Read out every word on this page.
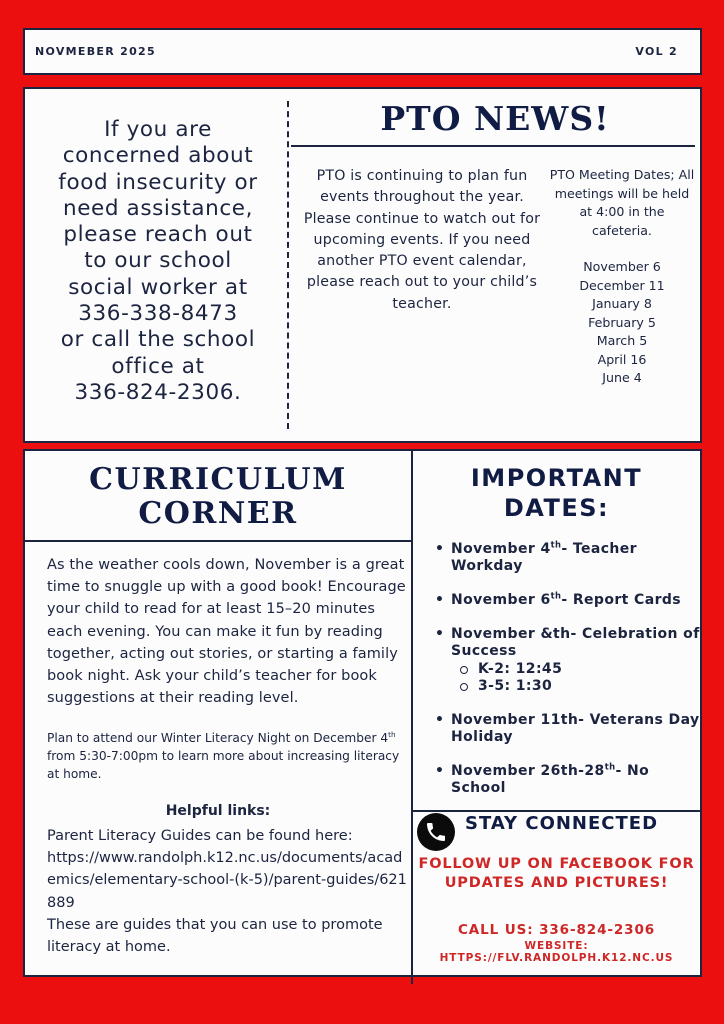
NOVMEBER 2025	VOL 2
If you are
concerned about
food insecurity or
need assistance,
please reach out
to our school
social worker at
336-338-8473
or call the school
office at
336-824-2306.
PTO NEWS!
PTO is continuing to plan fun events throughout the year. Please continue to watch out for upcoming events. If you need another PTO event calendar, please reach out to your child’s teacher.
PTO Meeting Dates; All meetings will be held at 4:00 in the cafeteria.
November 6
December 11
January 8
February 5
March 5
April 16
June 4
CURRICULUM
CORNER
As the weather cools down, November is a great time to snuggle up with a good book! Encourage your child to read for at least 15–20 minutes each evening. You can make it fun by reading together, acting out stories, or starting a family book night. Ask your child’s teacher for book suggestions at their reading level.
Plan to attend our Winter Literacy Night on December 4th from 5:30-7:00pm to learn more about increasing literacy at home.
Helpful links:
Parent Literacy Guides can be found here:
https://www.randolph.k12.nc.us/documents/academics/elementary-school-(k-5)/parent-guides/621889
These are guides that you can use to promote literacy at home.
IMPORTANT
DATES:
• November 4th- Teacher Workday
• November 6th- Report Cards
• November &th- Celebration of Success
K-2: 12:45
3-5: 1:30
• November 11th- Veterans Day Holiday
• November 26th-28th- No School
STAY CONNECTED
FOLLOW UP ON FACEBOOK FOR UPDATES AND PICTURES!
CALL US: 336-824-2306
WEBSITE:
HTTPS://FLV.RANDOLPH.K12.NC.US
